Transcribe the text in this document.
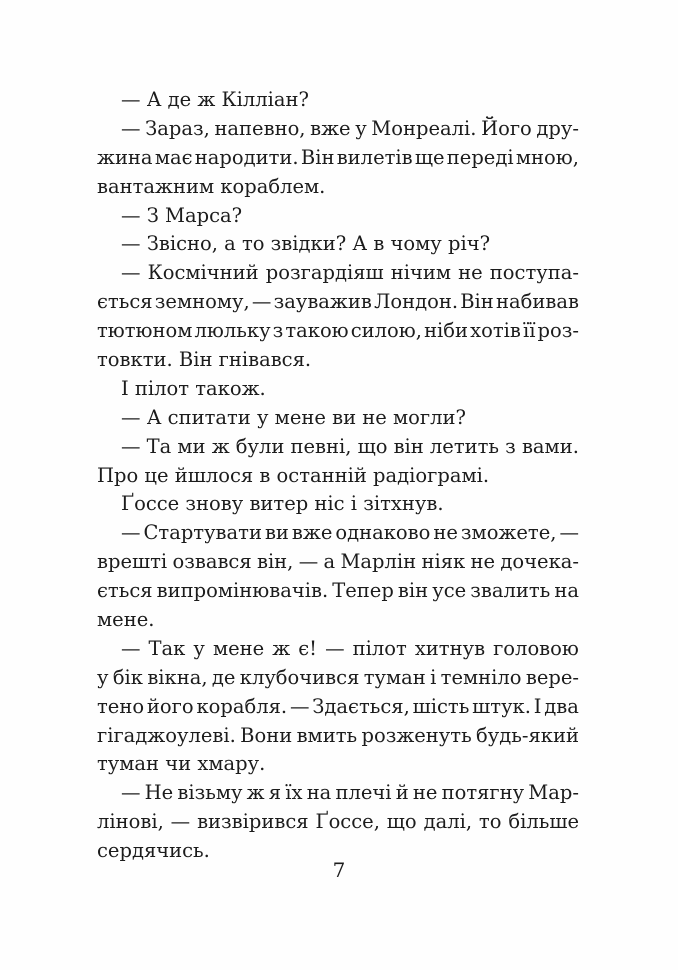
— А де ж Кілліан?
— Зараз, напевно, вже у Монреалі. Його дру-
жина має народити. Він вилетів ще переді мною,
вантажним кораблем.
— З Марса?
— Звісно, а то звідки? А в чому річ?
— Космічний розгардіяш нічим не поступа-
ється земному, — зауважив Лондон. Він набивав
тютюном люльку з такою силою, ніби хотів її роз-
товкти. Він гнівався.
І пілот також.
— А спитати у мене ви не могли?
— Та ми ж були певні, що він летить з вами.
Про це йшлося в останній радіограмі.
Ґоссе знову витер ніс і зітхнув.
— Стартувати ви вже однаково не зможете, —
врешті озвався він, — а Марлін ніяк не дочека-
ється випромінювачів. Тепер він усе звалить на
мене.
— Так у мене ж є! — пілот хитнув головою
у бік вікна, де клубочився туман і темніло вере-
тено його корабля. — Здається, шість штук. І два
гігаджоулеві. Вони вмить розженуть будь-який
туман чи хмару.
— Не візьму ж я їх на плечі й не потягну Мар-
лінові, — визвірився Ґоссе, що далі, то більше
сердячись.
7
